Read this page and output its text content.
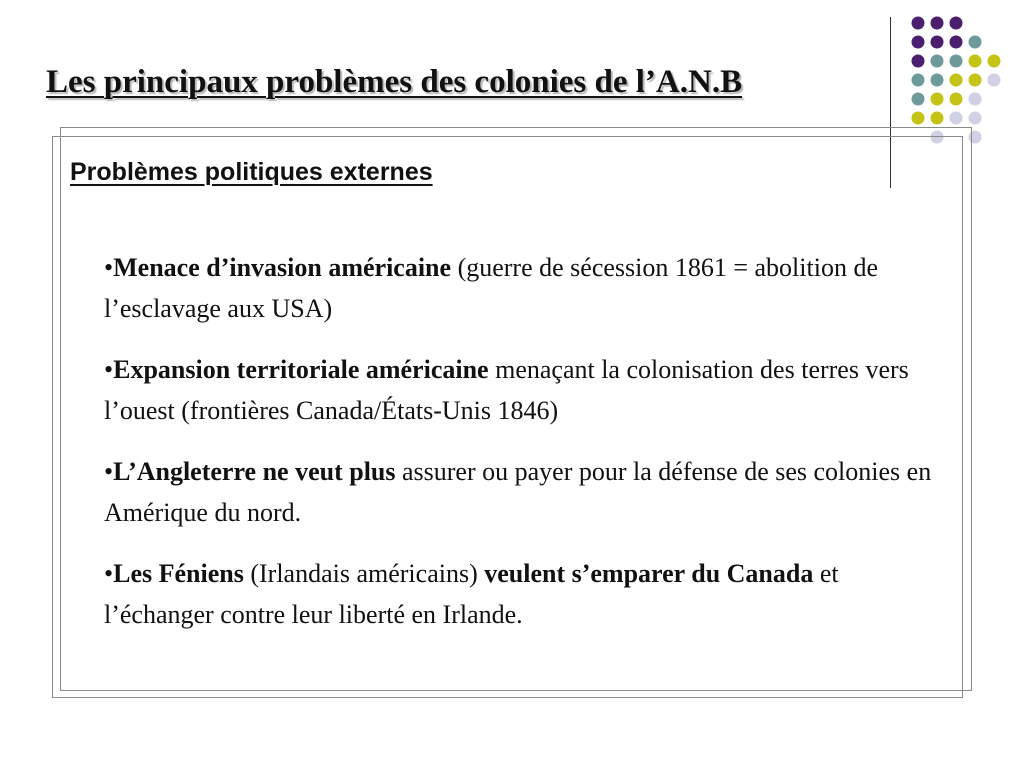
Les principaux problèmes des colonies de l’A.N.B
Problèmes politiques externes
•Menace d’invasion américaine (guerre de sécession 1861 = abolition de l’esclavage aux USA)
•Expansion territoriale américaine menaçant la colonisation des terres vers l’ouest (frontières Canada/États-Unis 1846)
•L’Angleterre ne veut plus assurer ou payer pour la défense de ses colonies en Amérique du nord.
•Les Féniens (Irlandais américains) veulent s’emparer du Canada et l’échanger contre leur liberté en Irlande.
